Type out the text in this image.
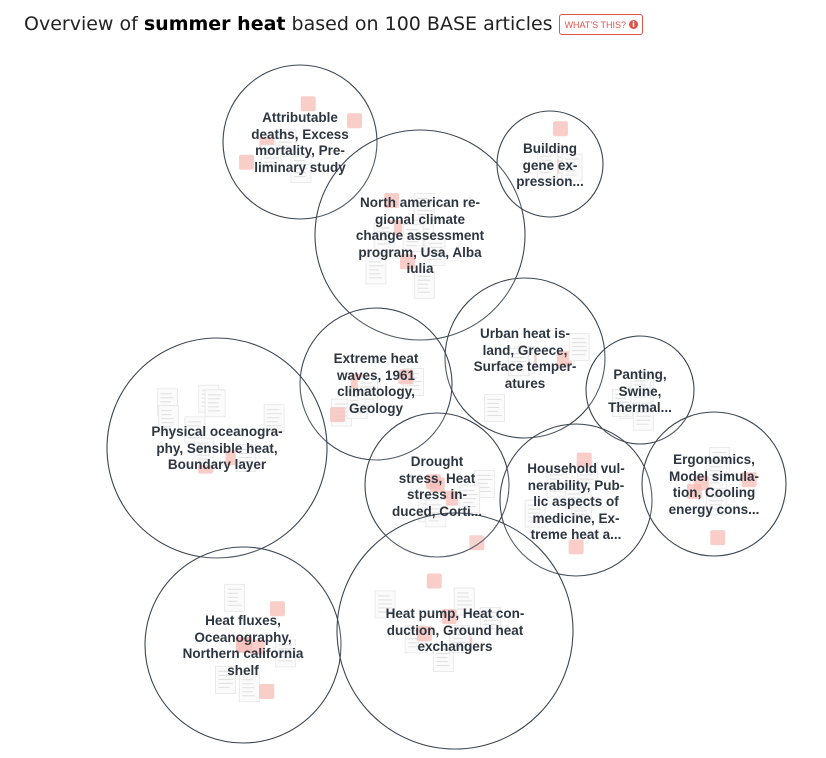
Overview of summer heat based on 100 BASE articles WHAT'S THIS? i
Attributable
deaths, Excess
mortality, Pre-
liminary study
North american re-
gional climate
change assessment
program, Usa, Alba
iulia
Building
gene ex-
pression...
Urban heat is-
land, Greece,
Surface temper-
atures
Extreme heat
waves, 1961
climatology,
Geology
Panting,
Swine,
Thermal...
Physical oceanogra-
phy, Sensible heat,
Boundary layer	Drought
stress, Heat
stress in-
duced, Corti...
Household vul-
nerability, Pub-
lic aspects of
medicine, Ex-
treme heat a...
Ergonomics,
Model simula-
tion, Cooling
energy cons...
Heat fluxes,
Oceanography,
Northern california
shelf
Heat pump, Heat con-
duction, Ground heat
exchangers
